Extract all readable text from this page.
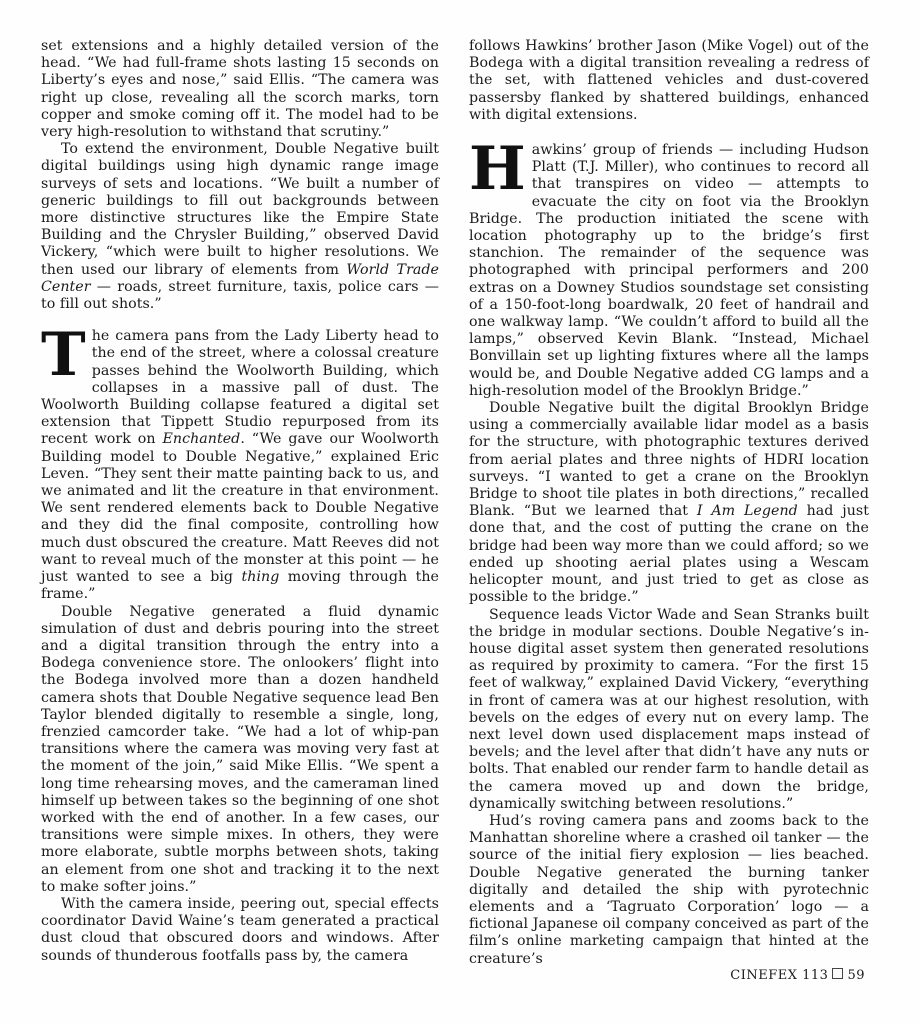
set extensions and a highly detailed version of the head. “We had full-frame shots lasting 15 seconds on Liberty’s eyes and nose,” said Ellis. “The camera was right up close, revealing all the scorch marks, torn copper and smoke coming off it. The model had to be very high-resolution to withstand that scrutiny.”

To extend the environment, Double Negative built digital buildings using high dynamic range image surveys of sets and locations. “We built a number of generic buildings to fill out backgrounds between more distinctive structures like the Empire State Building and the Chrysler Building,” observed David Vickery, “which were built to higher resolutions. We then used our library of elements from World Trade Center — roads, street furniture, taxis, police cars — to fill out shots.”

T he camera pans from the Lady Liberty head to the end of the street, where a colossal creature passes behind the Woolworth Building, which collapses in a massive pall of dust. The Woolworth Building collapse featured a digital set extension that Tippett Studio repurposed from its recent work on Enchanted. “We gave our Woolworth Building model to Double Negative,” explained Eric Leven. “They sent their matte painting back to us, and we animated and lit the creature in that environment. We sent rendered elements back to Double Negative and they did the final composite, controlling how much dust obscured the creature. Matt Reeves did not want to reveal much of the monster at this point — he just wanted to see a big thing moving through the frame.”

Double Negative generated a fluid dynamic simulation of dust and debris pouring into the street and a digital transition through the entry into a Bodega convenience store. The onlookers’ flight into the Bodega involved more than a dozen handheld camera shots that Double Negative sequence lead Ben Taylor blended digitally to resemble a single, long, frenzied camcorder take. “We had a lot of whip-pan transitions where the camera was moving very fast at the moment of the join,” said Mike Ellis. “We spent a long time rehearsing moves, and the cameraman lined himself up between takes so the beginning of one shot worked with the end of another. In a few cases, our transitions were simple mixes. In others, they were more elaborate, subtle morphs between shots, taking an element from one shot and tracking it to the next to make softer joins.”

With the camera inside, peering out, special effects coordinator David Waine’s team generated a practical dust cloud that obscured doors and windows. After sounds of thunderous footfalls pass by, the camera

follows Hawkins’ brother Jason (Mike Vogel) out of the Bodega with a digital transition revealing a redress of the set, with flattened vehicles and dust-covered passersby flanked by shattered buildings, enhanced with digital extensions.

H awkins’ group of friends — including Hudson Platt (T.J. Miller), who continues to record all that transpires on video — attempts to evacuate the city on foot via the Brooklyn Bridge. The production initiated the scene with location photography up to the bridge’s first stanchion. The remainder of the sequence was photographed with principal performers and 200 extras on a Downey Studios soundstage set consisting of a 150-foot-long boardwalk, 20 feet of handrail and one walkway lamp. “We couldn’t afford to build all the lamps,” observed Kevin Blank. “Instead, Michael Bonvillain set up lighting fixtures where all the lamps would be, and Double Negative added CG lamps and a high-resolution model of the Brooklyn Bridge.”

Double Negative built the digital Brooklyn Bridge using a commercially available lidar model as a basis for the structure, with photographic textures derived from aerial plates and three nights of HDRI location surveys. “I wanted to get a crane on the Brooklyn Bridge to shoot tile plates in both directions,” recalled Blank. “But we learned that I Am Legend had just done that, and the cost of putting the crane on the bridge had been way more than we could afford; so we ended up shooting aerial plates using a Wescam helicopter mount, and just tried to get as close as possible to the bridge.”

Sequence leads Victor Wade and Sean Stranks built the bridge in modular sections. Double Negative’s in-house digital asset system then generated resolutions as required by proximity to camera. “For the first 15 feet of walkway,” explained David Vickery, “everything in front of camera was at our highest resolution, with bevels on the edges of every nut on every lamp. The next level down used displacement maps instead of bevels; and the level after that didn’t have any nuts or bolts. That enabled our render farm to handle detail as the camera moved up and down the bridge, dynamically switching between resolutions.”

Hud’s roving camera pans and zooms back to the Manhattan shoreline where a crashed oil tanker — the source of the initial fiery explosion — lies beached. Double Negative generated the burning tanker digitally and detailed the ship with pyrotechnic elements and a ‘Tagruato Corporation’ logo — a fictional Japanese oil company conceived as part of the film’s online marketing campaign that hinted at the creature’s

CINEFEX 113 59
